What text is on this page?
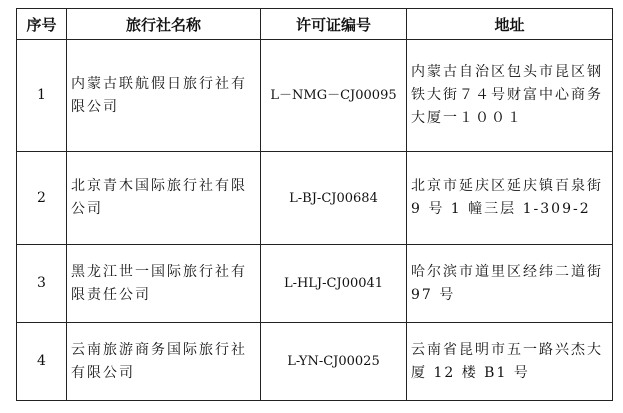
序号	旅行社名称	许可证编号	地址
1	内蒙古联航假日旅行社有限公司	L－NMG－CJ00095	内蒙古自治区包头市昆区钢铁大街７４号财富中心商务大厦一１００１
2	北京青木国际旅行社有限公司	L-BJ-CJ00684	北京市延庆区延庆镇百泉街 9 号 1 幢三层 1-309-2
3	黑龙江世一国际旅行社有限责任公司	L-HLJ-CJ00041	哈尔滨市道里区经纬二道街 97 号
4	云南旅游商务国际旅行社有限公司	L-YN-CJ00025	云南省昆明市五一路兴杰大厦 12 楼 B1 号
